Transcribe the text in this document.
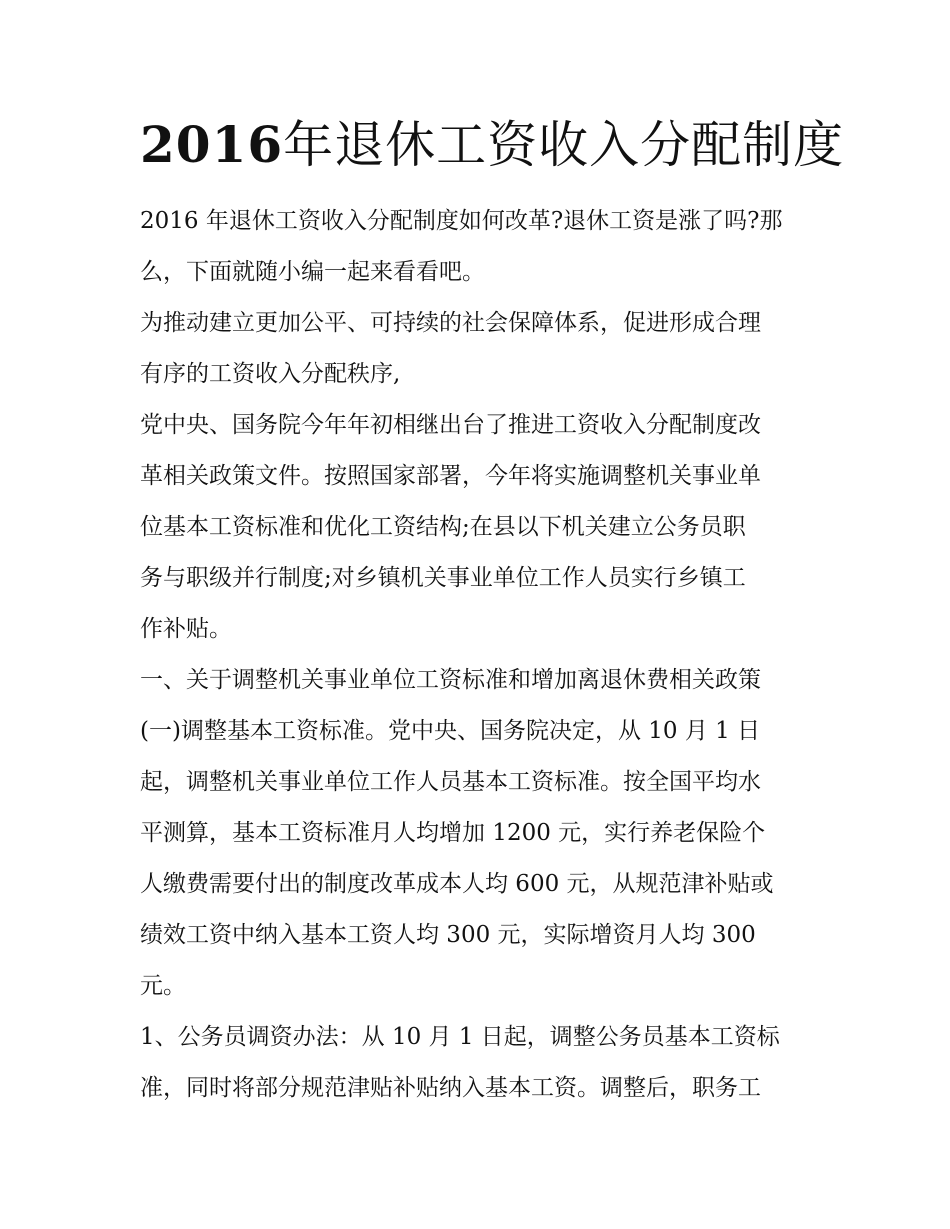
2016年退休工资收入分配制度
2016 年退休工资收入分配制度如何改革?退休工资是涨了吗?那
么，下面就随小编一起来看看吧。
为推动建立更加公平、可持续的社会保障体系，促进形成合理
有序的工资收入分配秩序,
党中央、国务院今年年初相继出台了推进工资收入分配制度改
革相关政策文件。按照国家部署，今年将实施调整机关事业单
位基本工资标准和优化工资结构;在县以下机关建立公务员职
务与职级并行制度;对乡镇机关事业单位工作人员实行乡镇工
作补贴。
一、关于调整机关事业单位工资标准和增加离退休费相关政策
(一)调整基本工资标准。党中央、国务院决定，从 10 月 1 日
起，调整机关事业单位工作人员基本工资标准。按全国平均水
平测算，基本工资标准月人均增加 1200 元，实行养老保险个
人缴费需要付出的制度改革成本人均 600 元，从规范津补贴或
绩效工资中纳入基本工资人均 300 元，实际增资月人均 300
元。
1、公务员调资办法：从 10 月 1 日起，调整公务员基本工资标
准，同时将部分规范津贴补贴纳入基本工资。调整后，职务工
